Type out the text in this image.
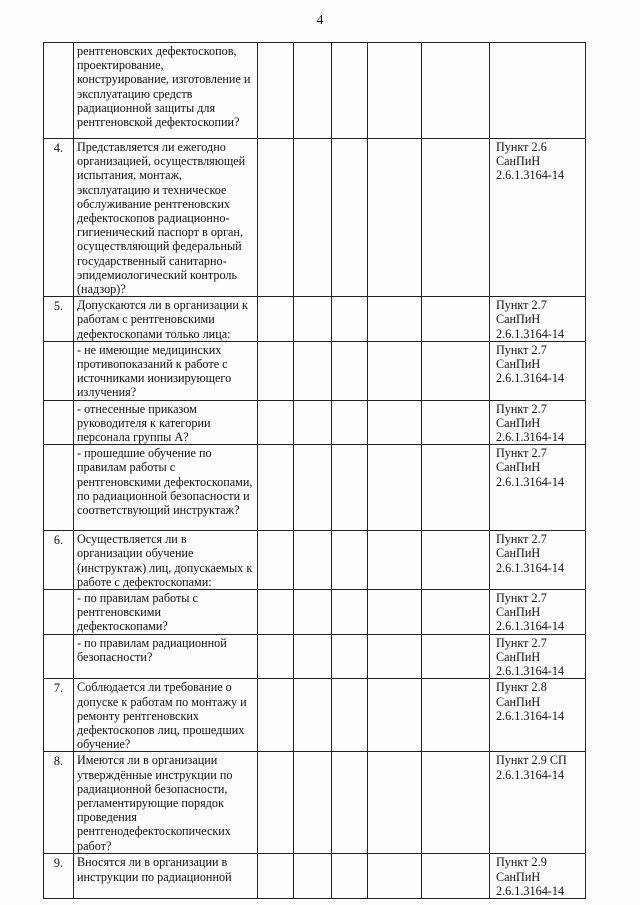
4
	рентгеновских дефектоскопов, проектирование, конструирование, изготовление и эксплуатацию средств радиационной защиты для рентгеновской дефектоскопии?						
4.	Представляется ли ежегодно организацией, осуществляющей испытания, монтаж, эксплуатацию и техническое обслуживание рентгеновских дефектоскопов радиационно-гигиенический паспорт в орган, осуществляющий федеральный государственный санитарно-эпидемиологический контроль (надзор)?						Пункт 2.6 СанПиН 2.6.1.3164-14
5.	Допускаются ли в организации к работам с рентгеновскими дефектоскопами только лица:						Пункт 2.7 СанПиН 2.6.1.3164-14
	- не имеющие медицинских противопоказаний к работе с источниками ионизирующего излучения?						Пункт 2.7 СанПиН 2.6.1.3164-14
	- отнесенные приказом руководителя к категории персонала группы А?						Пункт 2.7 СанПиН 2.6.1.3164-14
	- прошедшие обучение по правилам работы с рентгеновскими дефектоскопами, по радиационной безопасности и соответствующий инструктаж?						Пункт 2.7 СанПиН 2.6.1.3164-14
6.	Осуществляется ли в организации обучение (инструктаж) лиц, допускаемых к работе с дефектоскопами:						Пункт 2.7 СанПиН 2.6.1.3164-14
	- по правилам работы с рентгеновскими дефектоскопами?						Пункт 2.7 СанПиН 2.6.1.3164-14
	- по правилам радиационной безопасности?						Пункт 2.7 СанПиН 2.6.1.3164-14
7.	Соблюдается ли требование о допуске к работам по монтажу и ремонту рентгеновских дефектоскопов лиц, прошедших обучение?						Пункт 2.8 СанПиН 2.6.1.3164-14
8.	Имеются ли в организации утверждённые инструкции по радиационной безопасности, регламентирующие порядок проведения рентгенодефектоскопических работ?						Пункт 2.9 СП 2.6.1.3164-14
9.	Вносятся ли в организации в инструкции по радиационной						Пункт 2.9 СанПиН 2.6.1.3164-14
